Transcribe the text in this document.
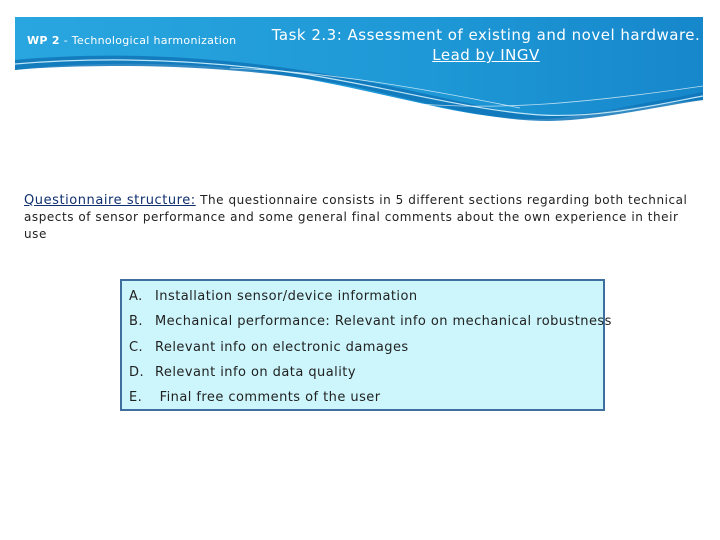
WP 2 - Technological harmonization Task 2.3: Assessment of existing and novel hardware.
Lead by INGV
Questionnaire structure: The questionnaire consists in 5 different sections regarding both technical aspects of sensor performance and some general final comments about the own experience in their use
A. Installation sensor/device information
B. Mechanical performance: Relevant info on mechanical robustness
C. Relevant info on electronic damages
D. Relevant info on data quality
E. Final free comments of the user
